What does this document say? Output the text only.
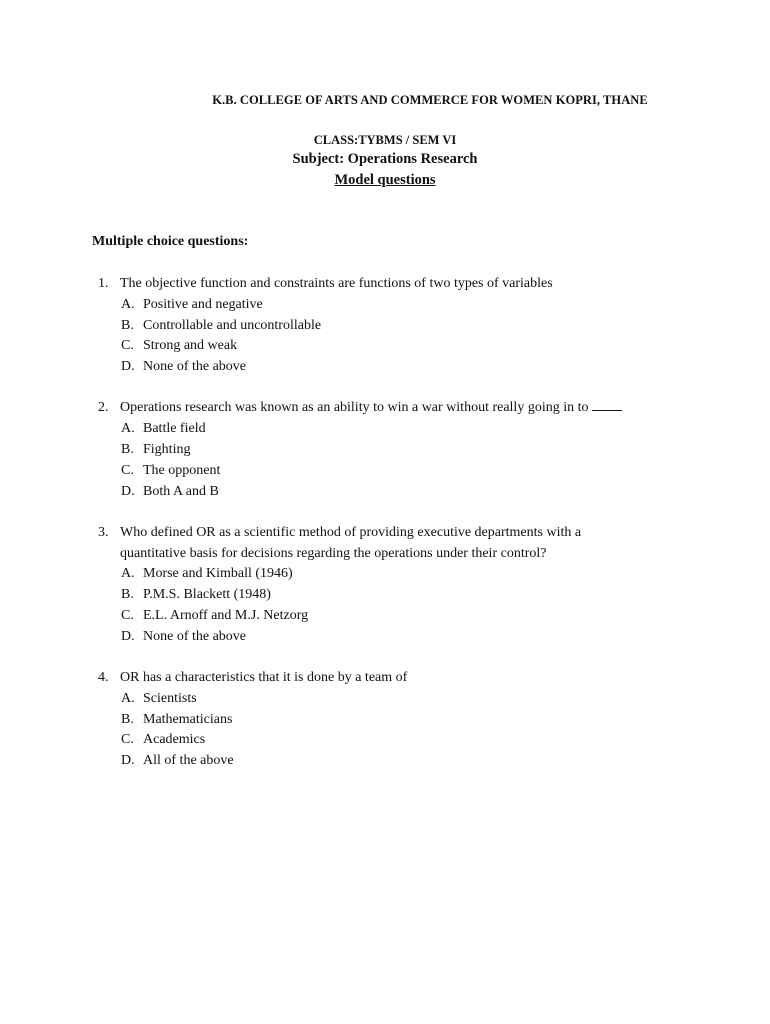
K.B. COLLEGE OF ARTS AND COMMERCE FOR WOMEN KOPRI, THANE
CLASS:TYBMS / SEM VI
Subject: Operations Research
Model questions
Multiple choice questions:
1. The objective function and constraints are functions of two types of variables
A. Positive and negative
B. Controllable and uncontrollable
C. Strong and weak
D. None of the above
2. Operations research was known as an ability to win a war without really going in to
A. Battle field
B. Fighting
C. The opponent
D. Both A and B
3. Who defined OR as a scientific method of providing executive departments with a quantitative basis for decisions regarding the operations under their control?
A. Morse and Kimball (1946)
B. P.M.S. Blackett (1948)
C. E.L. Arnoff and M.J. Netzorg
D. None of the above
4. OR has a characteristics that it is done by a team of
A. Scientists
B. Mathematicians
C. Academics
D. All of the above
